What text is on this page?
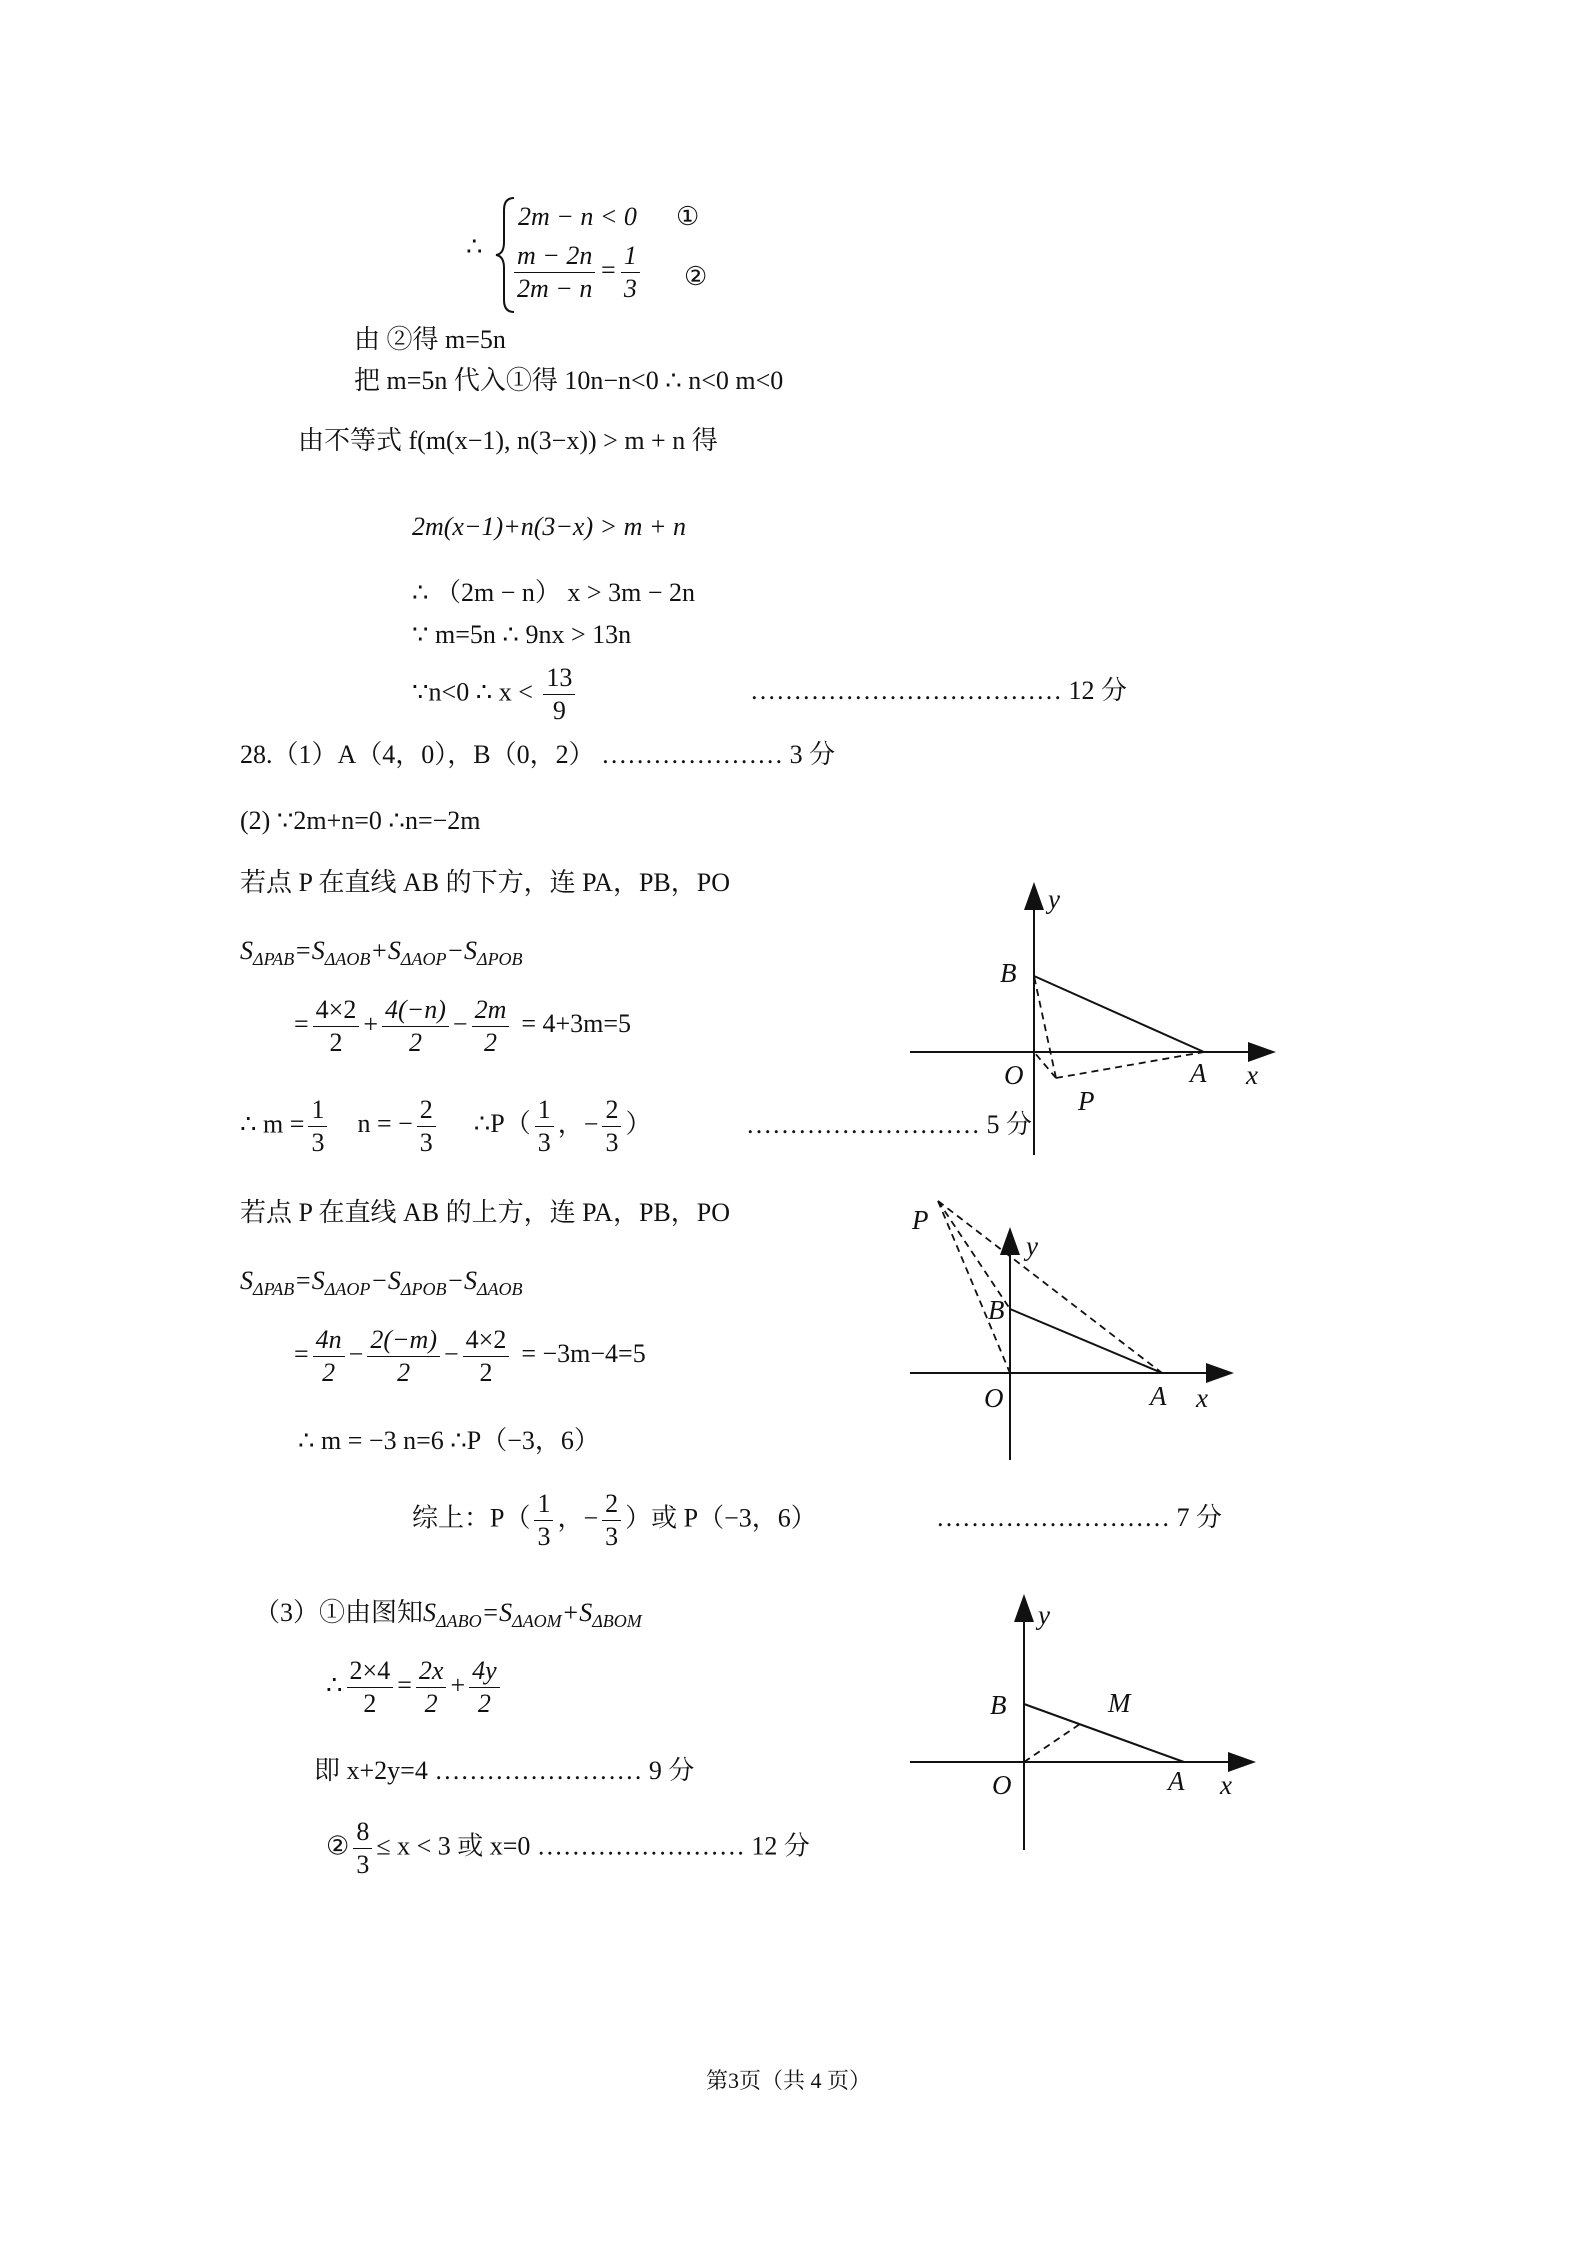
∴
2m − n < 0 ①
$\frac{m - 2n}{2m - n} = \frac{1}{3}$ ②
由 ②得 m=5n
把 m=5n 代入①得 10n−n<0 ∴ n<0 m<0
由不等式 f(m(x−1), n(3−x)) > m + n 得
2m(x−1)+n(3−x) > m + n
∴ （2m − n） x > 3m − 2n
∵ m=5n ∴ 9nx > 13n
∵n<0 ∴ $x < \frac{13}{9}$	……………………………… 12 分
28.（1）A（4，0），B（0，2） ………………… 3 分
(2) ∵2m+n=0 ∴n=−2m
若点 P 在直线 AB 的下方，连 PA，PB，PO
$S_{\Delta PAB}=S_{\Delta AOB}+S_{\Delta AOP}-S_{\Delta POB}$
= $\frac{4\times 2}{2} + \frac{4(-n)}{2} - \frac{2m}{2} = 4+3m=5$
∴ $m = \frac{1}{3}$ n = − $\frac{2}{3}$ ∴P（ $\frac{1}{3}$ ，− $\frac{2}{3}$ ）	……………………… 5 分
若点 P 在直线 AB 的上方，连 PA，PB，PO
$S_{\Delta PAB}=S_{\Delta AOP}-S_{\Delta POB}-S_{\Delta AOB}$
= $\frac{4n}{2} - \frac{2(-m)}{2} - \frac{4\times 2}{2} = -3m-4=5$
∴ m = −3 n=6 ∴P（−3，6）
综上：$P( \frac{1}{3}$ ，− $\frac{2}{3}$ ）或 P（−3，6）	……………………… 7 分
（3）①由图知$S_{\Delta ABO}=S_{\Delta AOM}+S_{\Delta BOM}$
∴ $\frac{2\times 4}{2} = \frac{2x}{2} + \frac{4y}{2}$
即 x+2y=4 …………………… 9 分
② $\frac{8}{3} \le x < 3$ 或 x=0 …………………… 12 分
y
B
O	A x
P
P
y
B
O	A x
y
B	M
O	A x
第3页（共 4 页）
